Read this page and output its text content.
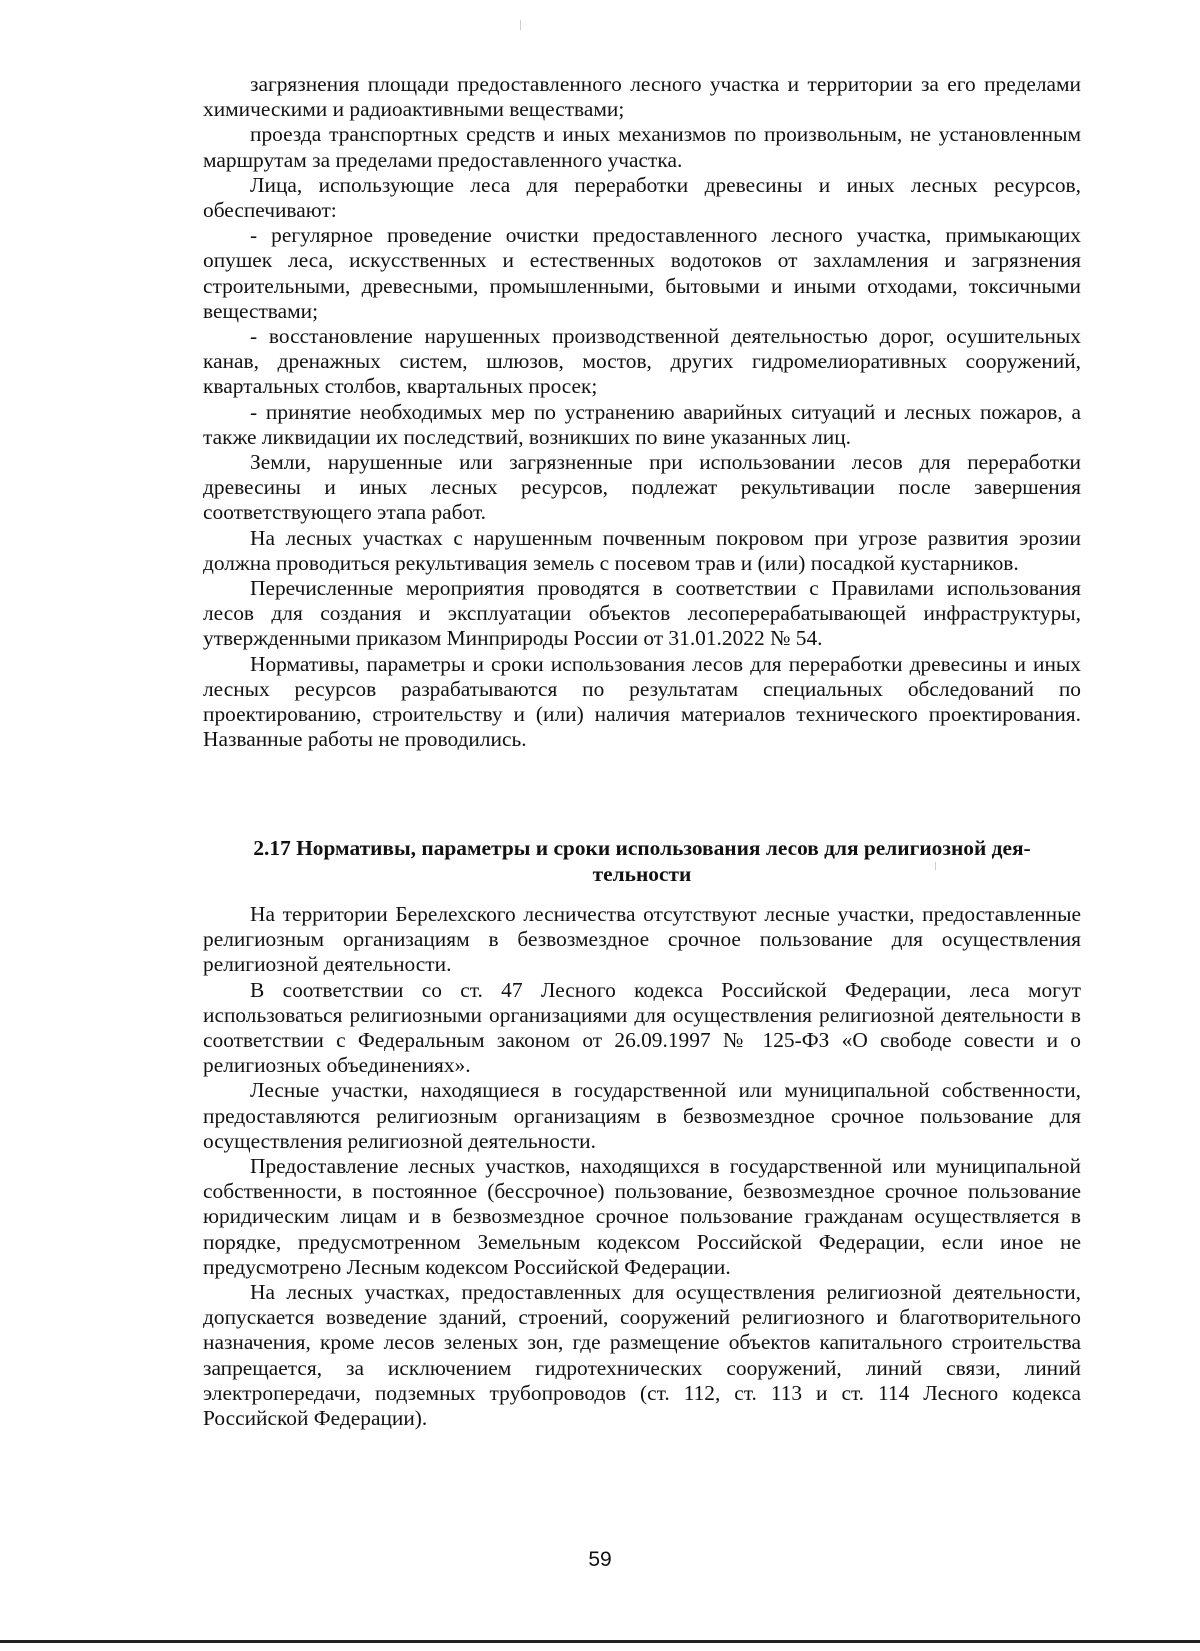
загрязнения площади предоставленного лесного участка и территории за его пределами химическими и радиоактивными веществами;

проезда транспортных средств и иных механизмов по произвольным, не установленным маршрутам за пределами предоставленного участка.

Лица, использующие леса для переработки древесины и иных лесных ресурсов, обеспечивают:

- регулярное проведение очистки предоставленного лесного участка, примыкающих опушек леса, искусственных и естественных водотоков от захламления и загрязнения строительными, древесными, промышленными, бытовыми и иными отходами, токсичными веществами;

- восстановление нарушенных производственной деятельностью дорог, осушительных канав, дренажных систем, шлюзов, мостов, других гидромелиоративных сооружений, квартальных столбов, квартальных просек;

- принятие необходимых мер по устранению аварийных ситуаций и лесных пожаров, а также ликвидации их последствий, возникших по вине указанных лиц.

Земли, нарушенные или загрязненные при использовании лесов для переработки древесины и иных лесных ресурсов, подлежат рекультивации после завершения соответствующего этапа работ.

На лесных участках с нарушенным почвенным покровом при угрозе развития эрозии должна проводиться рекультивация земель с посевом трав и (или) посадкой кустарников.

Перечисленные мероприятия проводятся в соответствии с Правилами использования лесов для создания и эксплуатации объектов лесоперерабатывающей инфраструктуры, утвержденными приказом Минприроды России от 31.01.2022 № 54.

Нормативы, параметры и сроки использования лесов для переработки древесины и иных лесных ресурсов разрабатываются по результатам специальных обследований по проектированию, строительству и (или) наличия материалов технического проектирования. Названные работы не проводились.

2.17 Нормативы, параметры и сроки использования лесов для религиозной дея-
тельности

На территории Берелехского лесничества отсутствуют лесные участки, предоставленные религиозным организациям в безвозмездное срочное пользование для осуществления религиозной деятельности.

В соответствии со ст. 47 Лесного кодекса Российской Федерации, леса могут использоваться религиозными организациями для осуществления религиозной деятельности в соответствии с Федеральным законом от 26.09.1997 № 125-ФЗ «О свободе совести и о религиозных объединениях».

Лесные участки, находящиеся в государственной или муниципальной собственности, предоставляются религиозным организациям в безвозмездное срочное пользование для осуществления религиозной деятельности.

Предоставление лесных участков, находящихся в государственной или муниципальной собственности, в постоянное (бессрочное) пользование, безвозмездное срочное пользование юридическим лицам и в безвозмездное срочное пользование гражданам осуществляется в порядке, предусмотренном Земельным кодексом Российской Федерации, если иное не предусмотрено Лесным кодексом Российской Федерации.

На лесных участках, предоставленных для осуществления религиозной деятельности, допускается возведение зданий, строений, сооружений религиозного и благотворительного назначения, кроме лесов зеленых зон, где размещение объектов капитального строительства запрещается, за исключением гидротехнических сооружений, линий связи, линий электропередачи, подземных трубопроводов (ст. 112, ст. 113 и ст. 114 Лесного кодекса Российской Федерации).

59
